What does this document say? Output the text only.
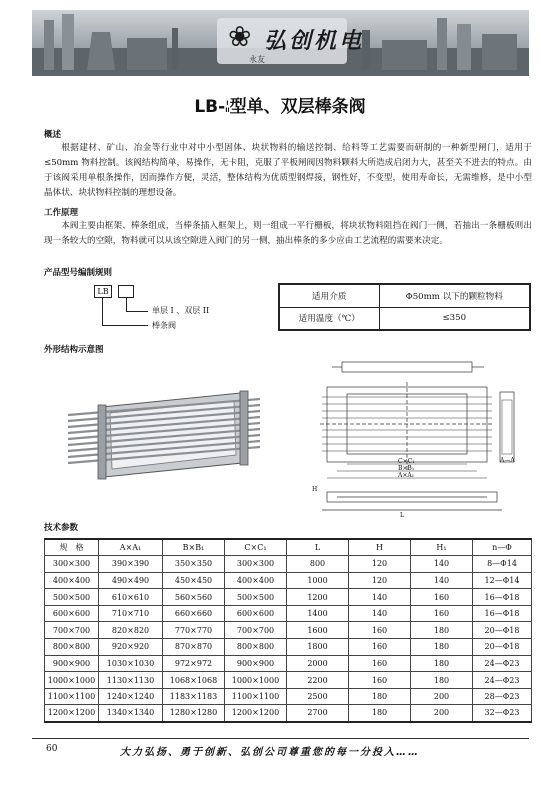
❀ 弘创机电
永友
LB- I
II 型单、双层棒条阀
概述
根据建材、矿山、冶金等行业中对中小型固体、块状物料的输送控制、给料等工艺需要而研制的一种新型闸门，适用于≤50mm 物料控制。该阀结构简单，易操作，无卡阻，克服了平板闸阀因物料颗料大所造成启闭力大，甚至关不进去的特点。由于该阀采用单根条操作，因而操作方便，灵活，整体结构为优质型钢焊接，钢性好，不变型，使用寿命长，无需维修，是中小型晶体状、块状物料控制的理想设备。
工作原理
本阀主要由框架、棒条组成，当棒条插入框架上，则一组成一平行栅板，将块状物料阻挡在阀门一侧，若抽出一条栅板则出现一条较大的空隙，物料就可以从该空隙进入阀门的另一侧，抽出棒条的多少应由工艺流程的需要来决定。
产品型号编制规则
LB
单层 I 、双层 II
棒条阀
适用介质	Φ50mm 以下的颗粒物料
适用温度（℃）	≤350
外形结构示意图
C×C₁
B×B₁
A×A₁
H
L
A—A
技术参数
规　格	A×A₁	B×B₁	C×C₁	L	H	H₁	n—Φ
300×300	390×390	350×350	300×300	800	120	140	8—Φ14
400×400	490×490	450×450	400×400	1000	120	140	12—Φ14
500×500	610×610	560×560	500×500	1200	140	160	16—Φ18
600×600	710×710	660×660	600×600	1400	140	160	16—Φ18
700×700	820×820	770×770	700×700	1600	160	180	20—Φ18
800×800	920×920	870×870	800×800	1800	160	180	20—Φ18
900×900	1030×1030	972×972	900×900	2000	160	180	24—Φ23
1000×1000	1130×1130	1068×1068	1000×1000	2200	160	180	24—Φ23
1100×1100	1240×1240	1183×1183	1100×1100	2500	180	200	28—Φ23
1200×1200	1340×1340	1280×1280	1200×1200	2700	180	200	32—Φ23
60	大力弘扬、勇于创新、弘创公司尊重您的每一分投入……
